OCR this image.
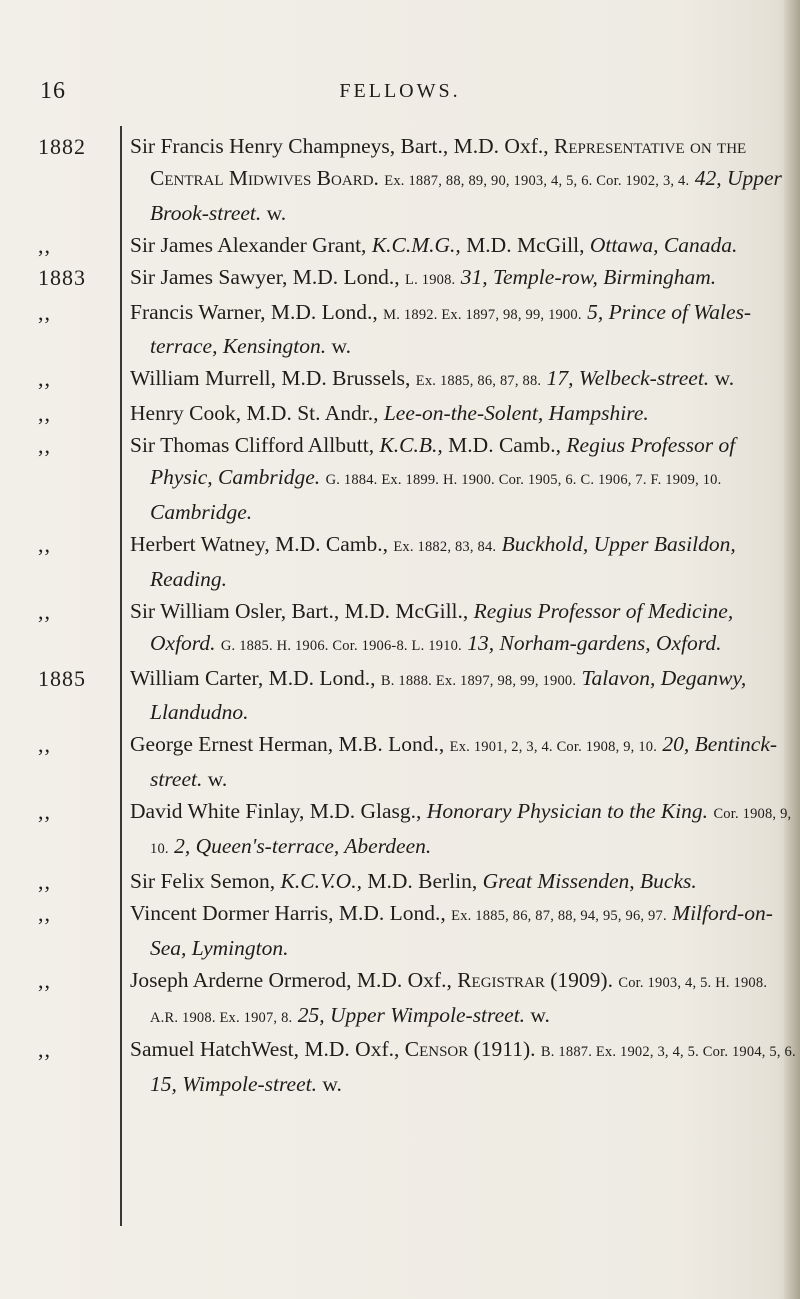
16	FELLOWS.
1882 Sir Francis Henry Champneys, Bart., M.D. Oxf., Representative on the Central Midwives Board. Ex. 1887, 88, 89, 90, 1903, 4, 5, 6. Cor. 1902, 3, 4. 42, Upper Brook-street. w.
,,	Sir James Alexander Grant, K.C.M.G., M.D. McGill, Ottawa, Canada.
1883 Sir James Sawyer, M.D. Lond., L. 1908. 31, Temple-row, Birmingham.
,,	Francis Warner, M.D. Lond., M. 1892. Ex. 1897, 98, 99, 1900. 5, Prince of Wales-terrace, Kensington. w.
,,	William Murrell, M.D. Brussels, Ex. 1885, 86, 87, 88. 17, Welbeck-street. w.
,,	Henry Cook, M.D. St. Andr., Lee-on-the-Solent, Hampshire.
,,	Sir Thomas Clifford Allbutt, K.C.B., M.D. Camb., Regius Professor of Physic, Cambridge. G. 1884. Ex. 1899. H. 1900. Cor. 1905, 6. C. 1906, 7. F. 1909, 10. Cambridge.
,,	Herbert Watney, M.D. Camb., Ex. 1882, 83, 84. Buckhold, Upper Basildon, Reading.
,,	Sir William Osler, Bart., M.D. McGill., Regius Professor of Medicine, Oxford. G. 1885. H. 1906. Cor. 1906-8. L. 1910. 13, Norham-gardens, Oxford.
1885 William Carter, M.D. Lond., B. 1888. Ex. 1897, 98, 99, 1900. Talavon, Deganwy, Llandudno.
,,	George Ernest Herman, M.B. Lond., Ex. 1901, 2, 3, 4. Cor. 1908, 9, 10. 20, Bentinck-street. w.
,,	David White Finlay, M.D. Glasg., Honorary Physician to the King. Cor. 1908, 9, 10. 2, Queen's-terrace, Aberdeen.
,,	Sir Felix Semon, K.C.V.O., M.D. Berlin, Great Missenden, Bucks.
,,	Vincent Dormer Harris, M.D. Lond., Ex. 1885, 86, 87, 88, 94, 95, 96, 97. Milford-on-Sea, Lymington.
,,	Joseph Arderne Ormerod, M.D. Oxf., Registrar (1909). Cor. 1903, 4, 5. H. 1908. A.R. 1908. Ex. 1907, 8. 25, Upper Wimpole-street. w.
,,	Samuel HatchWest, M.D. Oxf., Censor (1911). B. 1887. Ex. 1902, 3, 4, 5. Cor. 1904, 5, 6. 15, Wimpole-street. w.
